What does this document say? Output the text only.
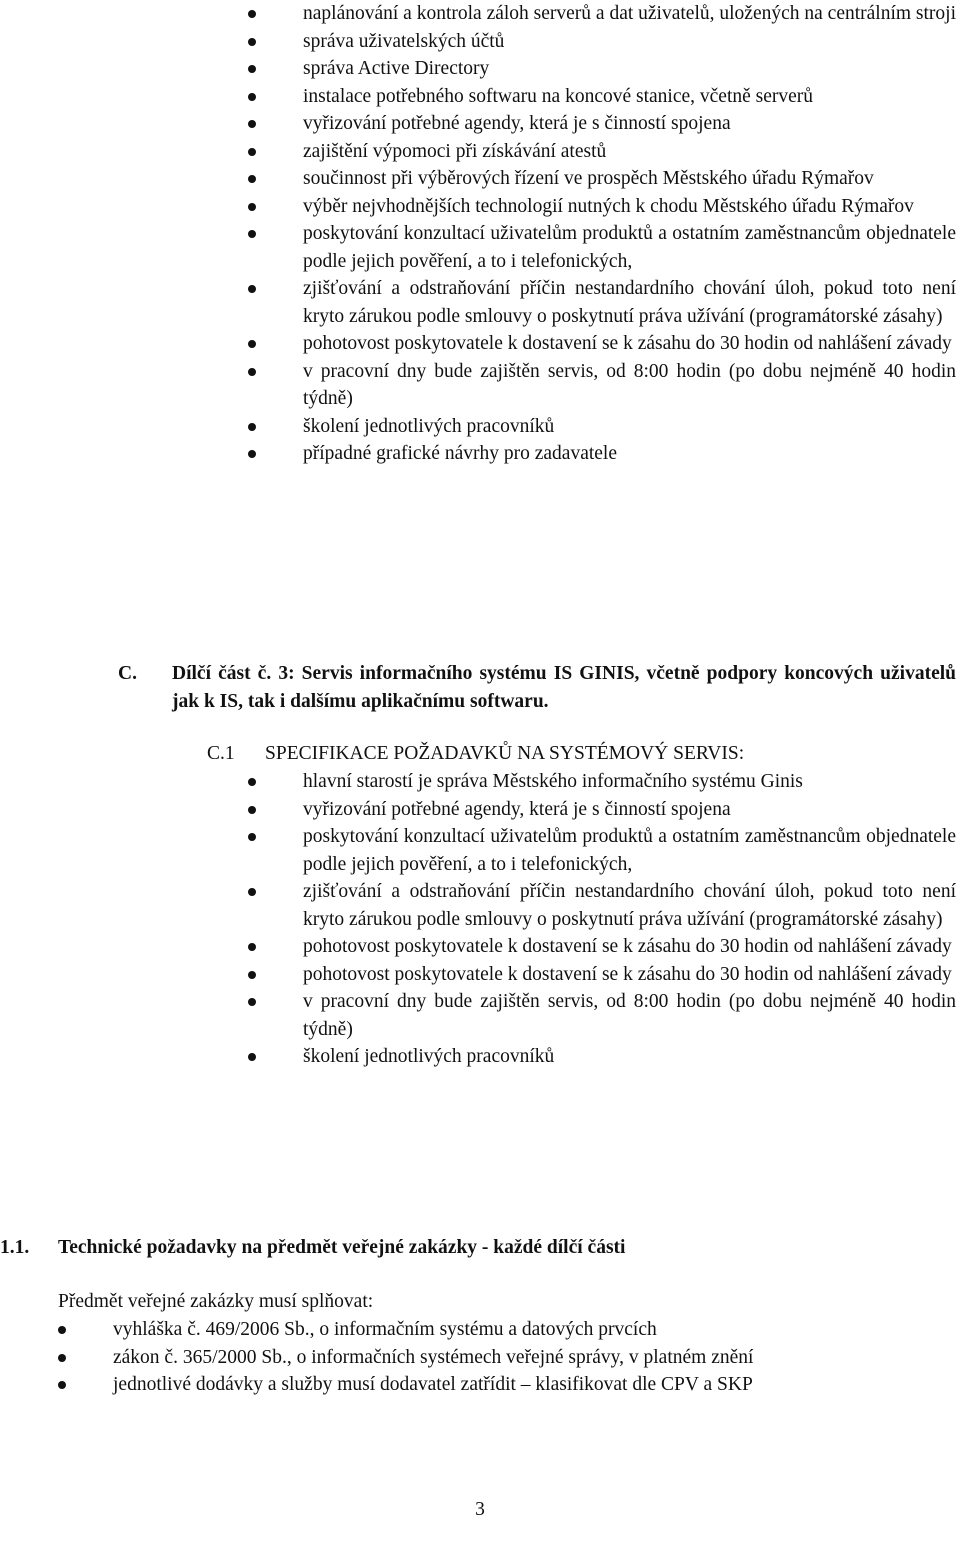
naplánování a kontrola záloh serverů a dat uživatelů, uložených na centrálním stroji
správa uživatelských účtů
správa Active Directory
instalace potřebného softwaru na koncové stanice, včetně serverů
vyřizování potřebné agendy, která je s činností spojena
zajištění výpomoci při získávání atestů
součinnost při výběrových řízení ve prospěch Městského úřadu Rýmařov
výběr nejvhodnějších technologií nutných k chodu Městského úřadu Rýmařov
poskytování konzultací uživatelům produktů a ostatním zaměstnancům objednatele podle jejich pověření, a to i telefonických,
zjišťování a odstraňování příčin nestandardního chování úloh, pokud toto není kryto zárukou podle smlouvy o poskytnutí práva užívání (programátorské zásahy)
pohotovost poskytovatele k dostavení se k zásahu do 30 hodin od nahlášení závady
v pracovní dny bude zajištěn servis, od 8:00 hodin (po dobu nejméně 40 hodin týdně)
školení jednotlivých pracovníků
případné grafické návrhy pro zadavatele
C. Dílčí část č. 3: Servis informačního systému IS GINIS, včetně podpory koncových uživatelů jak k IS, tak i dalšímu aplikačnímu softwaru.
C.1 SPECIFIKACE POŽADAVKŮ NA SYSTÉMOVÝ SERVIS:
hlavní starostí je správa Městského informačního systému Ginis
vyřizování potřebné agendy, která je s činností spojena
poskytování konzultací uživatelům produktů a ostatním zaměstnancům objednatele podle jejich pověření, a to i telefonických,
zjišťování a odstraňování příčin nestandardního chování úloh, pokud toto není kryto zárukou podle smlouvy o poskytnutí práva užívání (programátorské zásahy)
pohotovost poskytovatele k dostavení se k zásahu do 30 hodin od nahlášení závady
pohotovost poskytovatele k dostavení se k zásahu do 30 hodin od nahlášení závady
v pracovní dny bude zajištěn servis, od 8:00 hodin (po dobu nejméně 40 hodin týdně)
školení jednotlivých pracovníků
1.1. Technické požadavky na předmět veřejné zakázky - každé dílčí části
Předmět veřejné zakázky musí splňovat:
vyhláška č. 469/2006 Sb., o informačním systému a datových prvcích
zákon č. 365/2000 Sb., o informačních systémech veřejné správy, v platném znění
jednotlivé dodávky a služby musí dodavatel zatřídit – klasifikovat dle CPV a SKP
3
